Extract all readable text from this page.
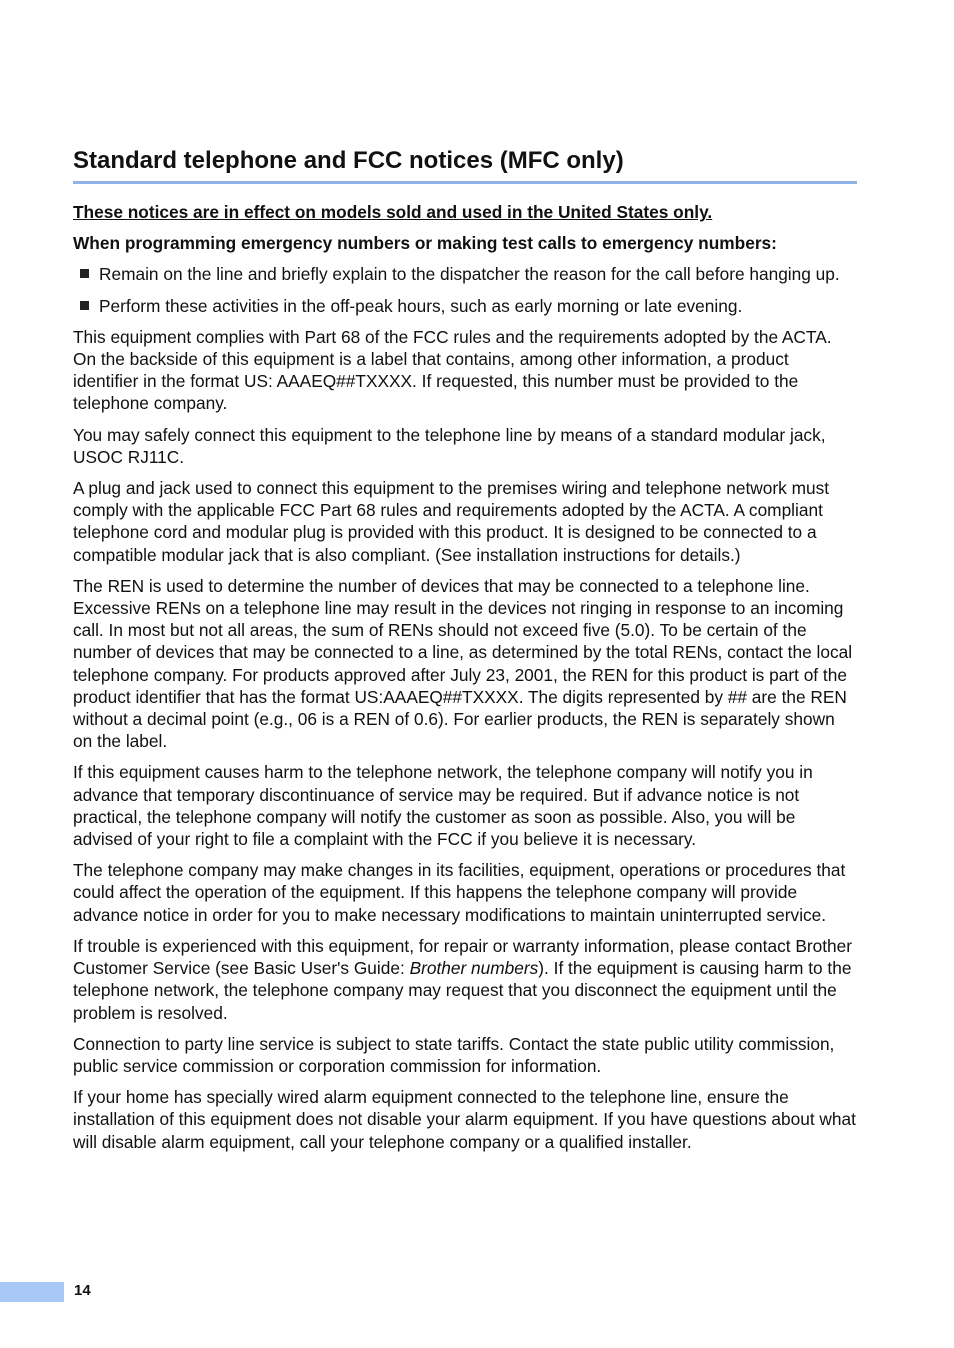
Standard telephone and FCC notices (MFC only)

These notices are in effect on models sold and used in the United States only.

When programming emergency numbers or making test calls to emergency numbers:

Remain on the line and briefly explain to the dispatcher the reason for the call before hanging up.
Perform these activities in the off-peak hours, such as early morning or late evening.

This equipment complies with Part 68 of the FCC rules and the requirements adopted by the ACTA. On the backside of this equipment is a label that contains, among other information, a product identifier in the format US: AAAEQ##TXXXX. If requested, this number must be provided to the telephone company.

You may safely connect this equipment to the telephone line by means of a standard modular jack, USOC RJ11C.

A plug and jack used to connect this equipment to the premises wiring and telephone network must comply with the applicable FCC Part 68 rules and requirements adopted by the ACTA. A compliant telephone cord and modular plug is provided with this product. It is designed to be connected to a compatible modular jack that is also compliant. (See installation instructions for details.)

The REN is used to determine the number of devices that may be connected to a telephone line. Excessive RENs on a telephone line may result in the devices not ringing in response to an incoming call. In most but not all areas, the sum of RENs should not exceed five (5.0). To be certain of the number of devices that may be connected to a line, as determined by the total RENs, contact the local telephone company. For products approved after July 23, 2001, the REN for this product is part of the product identifier that has the format US:AAAEQ##TXXXX. The digits represented by ## are the REN without a decimal point (e.g., 06 is a REN of 0.6). For earlier products, the REN is separately shown on the label.

If this equipment causes harm to the telephone network, the telephone company will notify you in advance that temporary discontinuance of service may be required. But if advance notice is not practical, the telephone company will notify the customer as soon as possible. Also, you will be advised of your right to file a complaint with the FCC if you believe it is necessary.

The telephone company may make changes in its facilities, equipment, operations or procedures that could affect the operation of the equipment. If this happens the telephone company will provide advance notice in order for you to make necessary modifications to maintain uninterrupted service.

If trouble is experienced with this equipment, for repair or warranty information, please contact Brother Customer Service (see Basic User's Guide: Brother numbers). If the equipment is causing harm to the telephone network, the telephone company may request that you disconnect the equipment until the problem is resolved.

Connection to party line service is subject to state tariffs. Contact the state public utility commission, public service commission or corporation commission for information.

If your home has specially wired alarm equipment connected to the telephone line, ensure the installation of this equipment does not disable your alarm equipment. If you have questions about what will disable alarm equipment, call your telephone company or a qualified installer.

14
